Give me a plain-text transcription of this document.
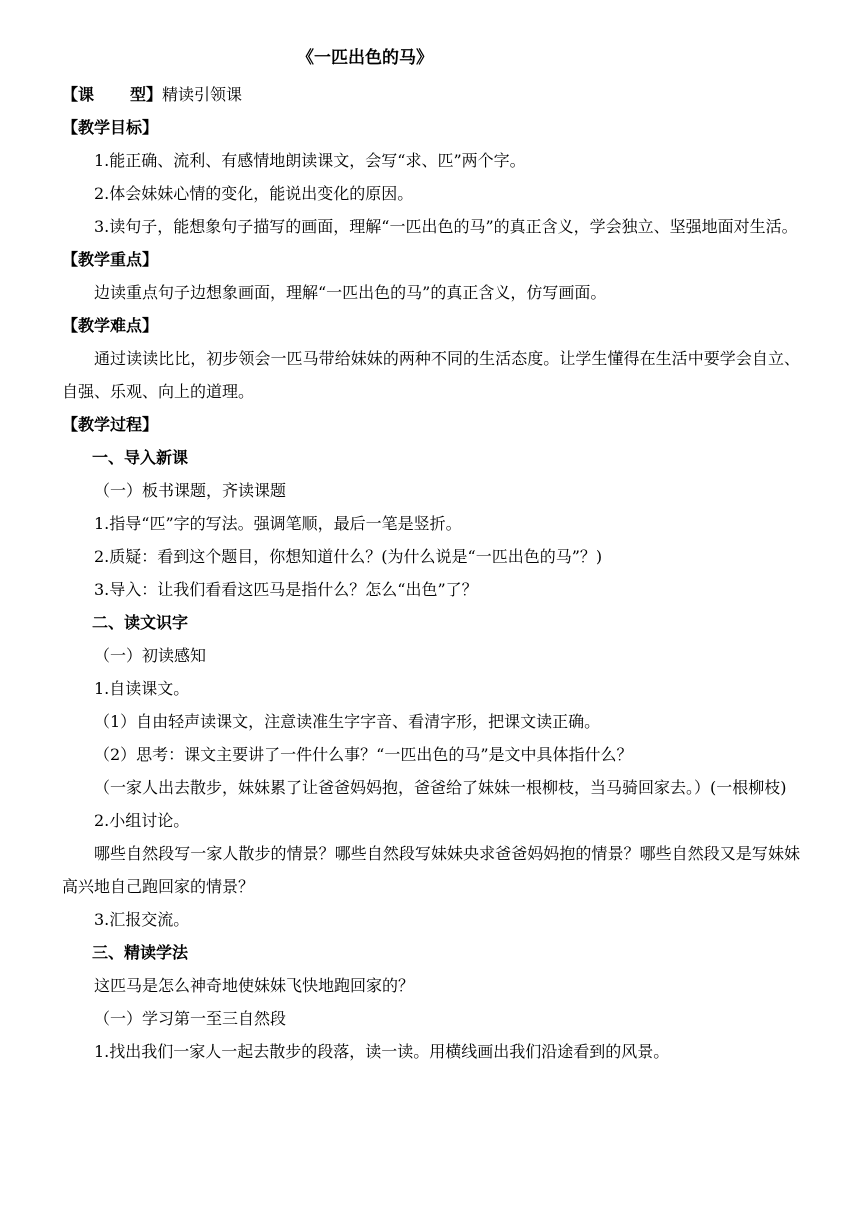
《一匹出色的马》
【课 型】精读引领课
【教学目标】
1.能正确、流利、有感情地朗读课文，会写“求、匹”两个字。
2.体会妹妹心情的变化，能说出变化的原因。
3.读句子，能想象句子描写的画面，理解“一匹出色的马”的真正含义，学会独立、坚强地面对生活。
【教学重点】
边读重点句子边想象画面，理解“一匹出色的马”的真正含义，仿写画面。
【教学难点】
通过读读比比，初步领会一匹马带给妹妹的两种不同的生活态度。让学生懂得在生活中要学会自立、自强、乐观、向上的道理。
【教学过程】
一、导入新课
（一）板书课题，齐读课题
1.指导“匹”字的写法。强调笔顺，最后一笔是竖折。
2.质疑：看到这个题目，你想知道什么？(为什么说是“一匹出色的马”？)
3.导入：让我们看看这匹马是指什么？怎么“出色”了？
二、读文识字
（一）初读感知
1.自读课文。
（1）自由轻声读课文，注意读准生字字音、看清字形，把课文读正确。
（2）思考：课文主要讲了一件什么事？“一匹出色的马”是文中具体指什么？
（一家人出去散步，妹妹累了让爸爸妈妈抱，爸爸给了妹妹一根柳枝，当马骑回家去。）(一根柳枝)
2.小组讨论。
哪些自然段写一家人散步的情景？哪些自然段写妹妹央求爸爸妈妈抱的情景？哪些自然段又是写妹妹高兴地自己跑回家的情景？
3.汇报交流。
三、精读学法
这匹马是怎么神奇地使妹妹飞快地跑回家的？
（一）学习第一至三自然段
1.找出我们一家人一起去散步的段落，读一读。用横线画出我们沿途看到的风景。
